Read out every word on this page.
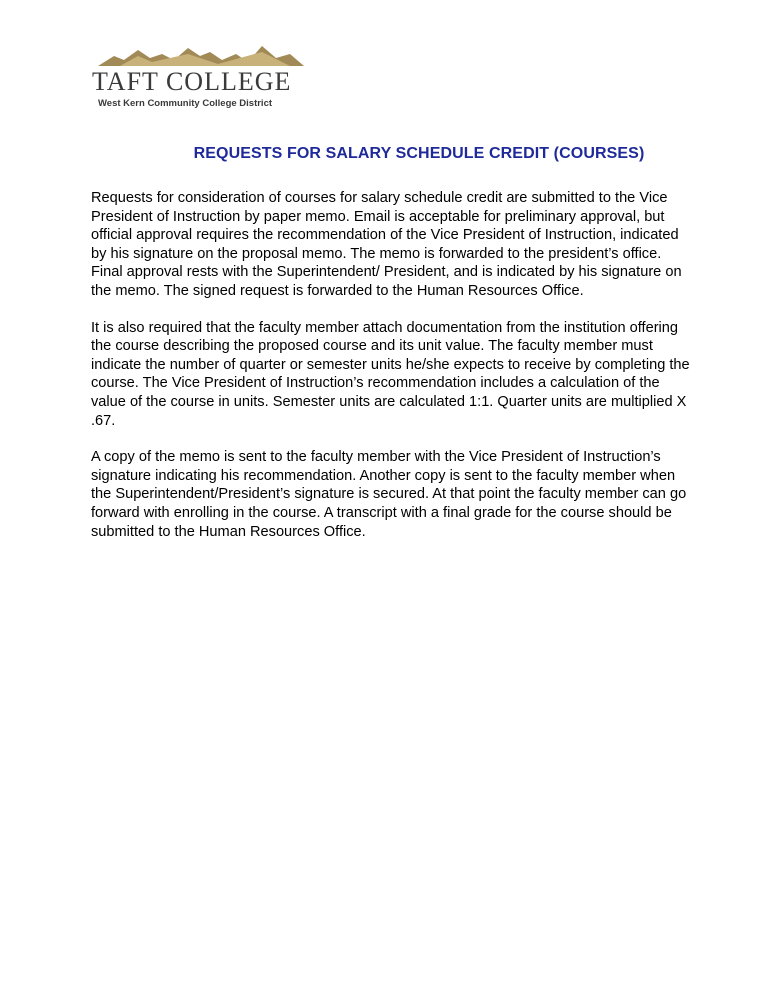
TAFT COLLEGE
West Kern Community College District
REQUESTS FOR SALARY SCHEDULE CREDIT (COURSES)

Requests for consideration of courses for salary schedule credit are submitted to the Vice President of Instruction by paper memo. Email is acceptable for preliminary approval, but official approval requires the recommendation of the Vice President of Instruction, indicated by his signature on the proposal memo. The memo is forwarded to the president’s office. Final approval rests with the Superintendent/ President, and is indicated by his signature on the memo. The signed request is forwarded to the Human Resources Office.

It is also required that the faculty member attach documentation from the institution offering the course describing the proposed course and its unit value. The faculty member must indicate the number of quarter or semester units he/she expects to receive by completing the course. The Vice President of Instruction’s recommendation includes a calculation of the value of the course in units. Semester units are calculated 1:1. Quarter units are multiplied X .67.

A copy of the memo is sent to the faculty member with the Vice President of Instruction’s signature indicating his recommendation. Another copy is sent to the faculty member when the Superintendent/President’s signature is secured. At that point the faculty member can go forward with enrolling in the course. A transcript with a final grade for the course should be submitted to the Human Resources Office.
